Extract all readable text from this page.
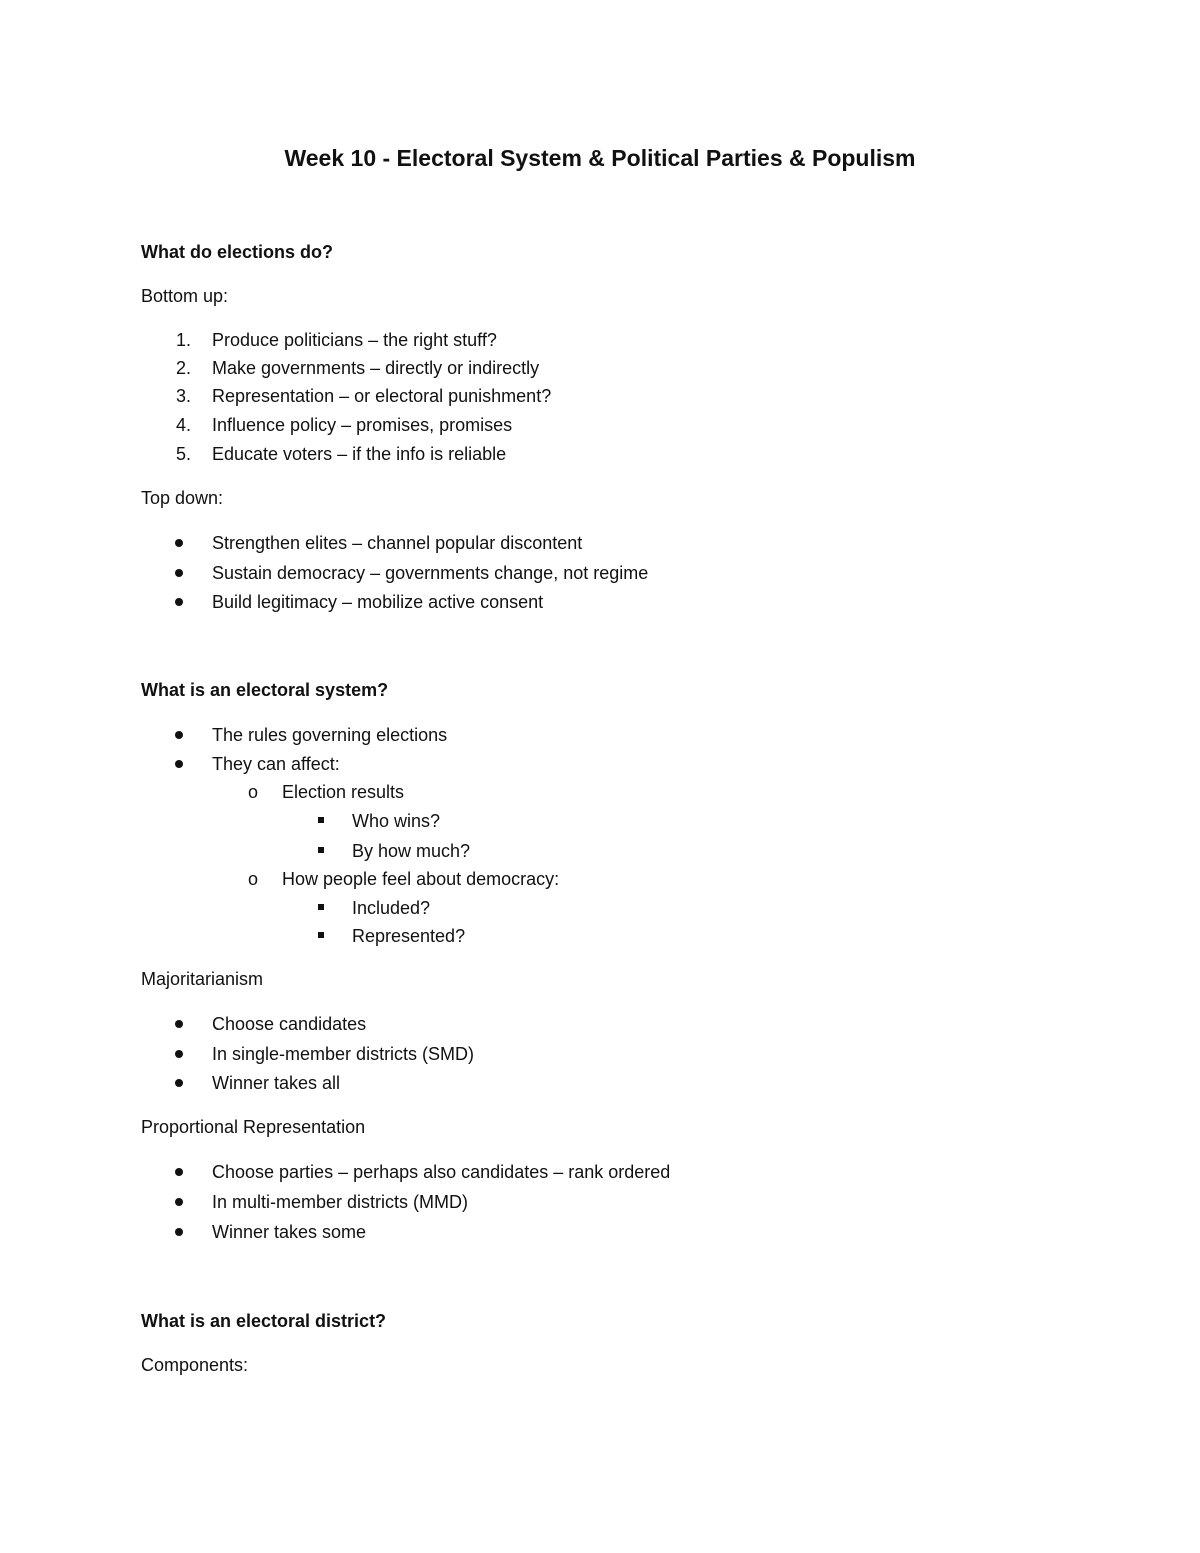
Week 10 - Electoral System & Political Parties & Populism
What do elections do?
Bottom up:
1. Produce politicians – the right stuff?
2. Make governments – directly or indirectly
3. Representation – or electoral punishment?
4. Influence policy – promises, promises
5. Educate voters – if the info is reliable
Top down:
Strengthen elites – channel popular discontent
Sustain democracy – governments change, not regime
Build legitimacy – mobilize active consent
What is an electoral system?
The rules governing elections
They can affect:
o Election results
Who wins?
By how much?
o How people feel about democracy:
Included?
Represented?
Majoritarianism
Choose candidates
In single-member districts (SMD)
Winner takes all
Proportional Representation
Choose parties – perhaps also candidates – rank ordered
In multi-member districts (MMD)
Winner takes some
What is an electoral district?
Components:
